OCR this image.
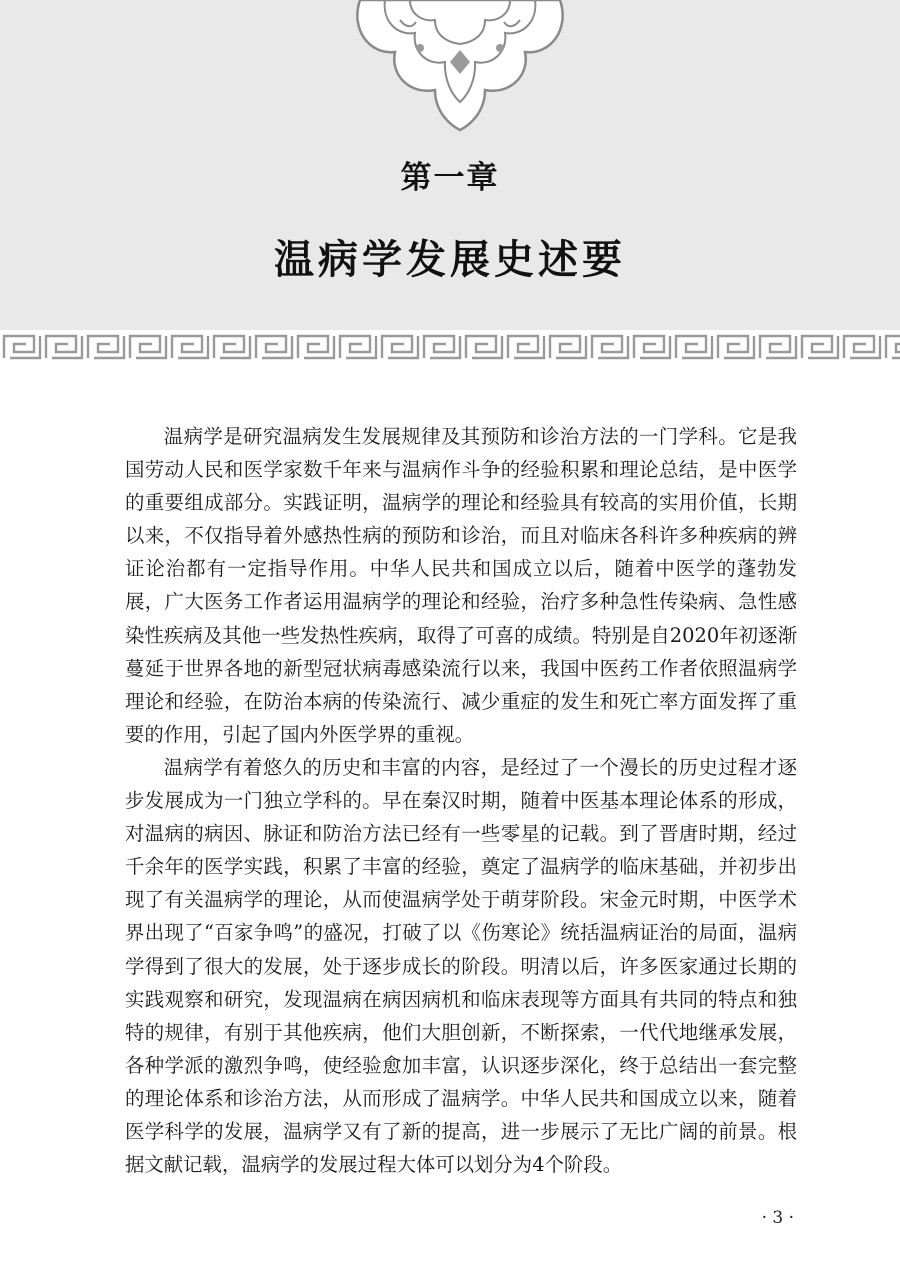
第一章
温病学发展史述要

温病学是研究温病发生发展规律及其预防和诊治方法的一门学科。它是我国劳动人民和医学家数千年来与温病作斗争的经验积累和理论总结，是中医学的重要组成部分。实践证明，温病学的理论和经验具有较高的实用价值，长期以来，不仅指导着外感热性病的预防和诊治，而且对临床各科许多种疾病的辨证论治都有一定指导作用。中华人民共和国成立以后，随着中医学的蓬勃发展，广大医务工作者运用温病学的理论和经验，治疗多种急性传染病、急性感染性疾病及其他一些发热性疾病，取得了可喜的成绩。特别是自2020年初逐渐蔓延于世界各地的新型冠状病毒感染流行以来，我国中医药工作者依照温病学理论和经验，在防治本病的传染流行、减少重症的发生和死亡率方面发挥了重要的作用，引起了国内外医学界的重视。

温病学有着悠久的历史和丰富的内容，是经过了一个漫长的历史过程才逐步发展成为一门独立学科的。早在秦汉时期，随着中医基本理论体系的形成，对温病的病因、脉证和防治方法已经有一些零星的记载。到了晋唐时期，经过千余年的医学实践，积累了丰富的经验，奠定了温病学的临床基础，并初步出现了有关温病学的理论，从而使温病学处于萌芽阶段。宋金元时期，中医学术界出现了“百家争鸣”的盛况，打破了以《伤寒论》统括温病证治的局面，温病学得到了很大的发展，处于逐步成长的阶段。明清以后，许多医家通过长期的实践观察和研究，发现温病在病因病机和临床表现等方面具有共同的特点和独特的规律，有别于其他疾病，他们大胆创新，不断探索，一代代地继承发展，各种学派的激烈争鸣，使经验愈加丰富，认识逐步深化，终于总结出一套完整的理论体系和诊治方法，从而形成了温病学。中华人民共和国成立以来，随着医学科学的发展，温病学又有了新的提高，进一步展示了无比广阔的前景。根据文献记载，温病学的发展过程大体可以划分为4个阶段。

· 3 ·
